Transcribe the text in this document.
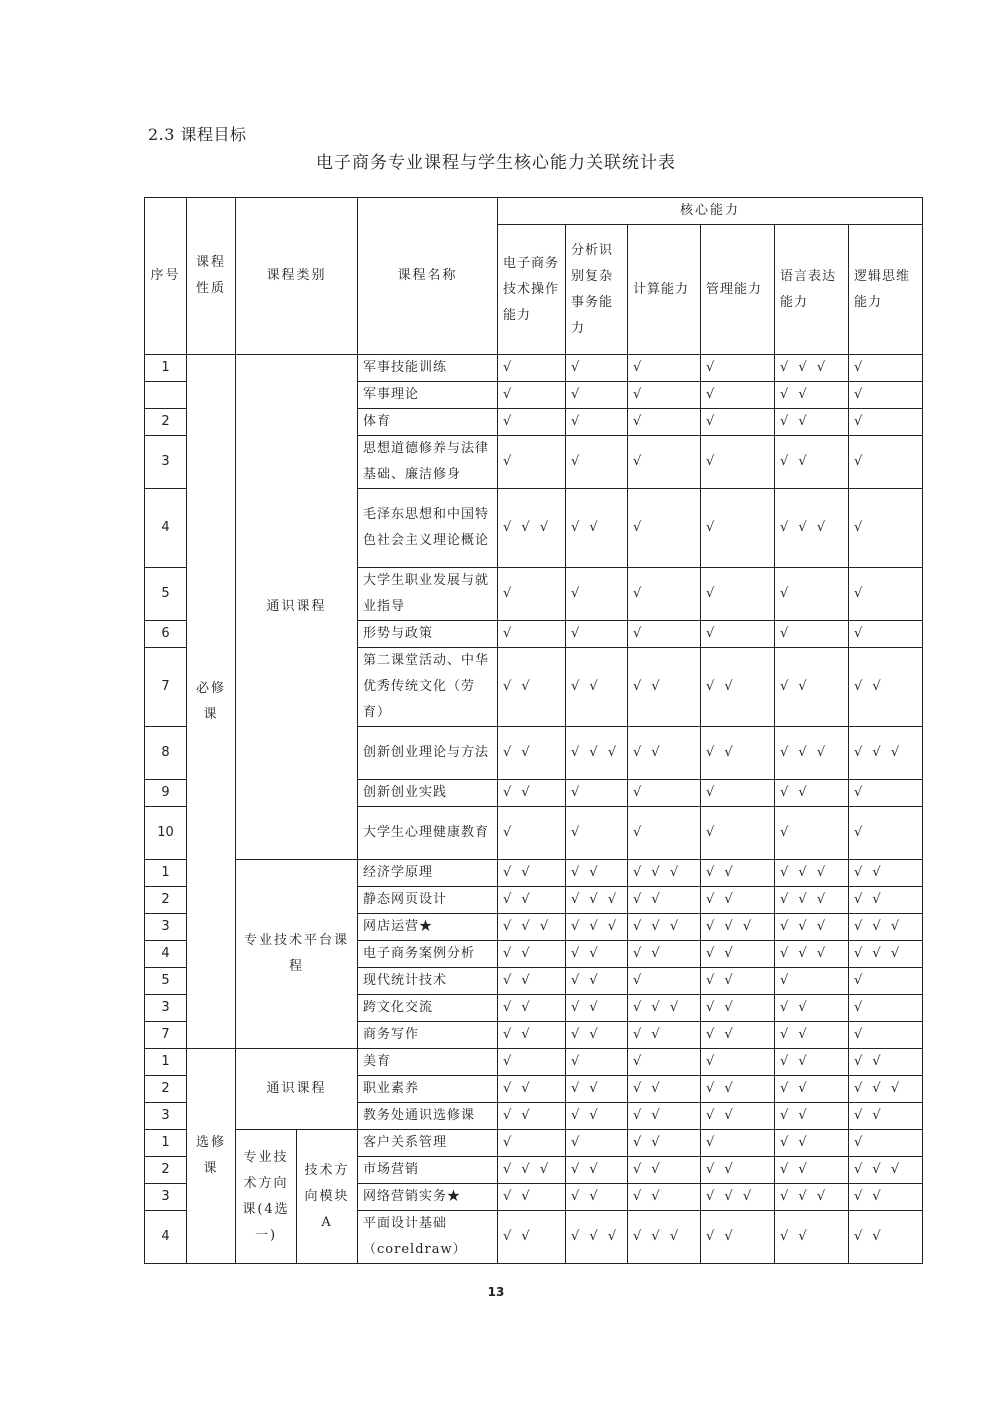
2.3 课程目标
电子商务专业课程与学生核心能力关联统计表
序号	课程性质	课程类别		课程名称	核心能力					
					电子商务技术操作能力	分析识别复杂事务能力	计算能力	管理能力	语言表达能力	逻辑思维能力
1	必修课	通识课程		军事技能训练	√	√	√	√	√ √ √	√
				军事理论	√	√	√	√	√ √	√
2				体育	√	√	√	√	√ √	√
3				思想道德修养与法律基础、廉洁修身	√	√	√	√	√ √	√
4				毛泽东思想和中国特色社会主义理论概论	√ √ √	√ √	√	√	√ √ √	√
5				大学生职业发展与就业指导	√	√	√	√	√	√
6				形势与政策	√	√	√	√	√	√
7				第二课堂活动、中华优秀传统文化（劳育）	√ √	√ √	√ √	√ √	√ √	√ √
8				创新创业理论与方法	√ √	√ √ √	√ √	√ √	√ √ √	√ √ √
9				创新创业实践	√ √	√	√	√	√ √	√
10				大学生心理健康教育	√	√	√	√	√	√
1		专业技术平台课程		经济学原理	√ √	√ √	√ √ √	√ √	√ √ √	√ √
2				静态网页设计	√ √	√ √ √	√ √	√ √	√ √ √	√ √
3				网店运营★	√ √ √	√ √ √	√ √ √	√ √ √	√ √ √	√ √ √
4				电子商务案例分析	√ √	√ √	√ √	√ √	√ √ √	√ √ √
5				现代统计技术	√ √	√ √	√	√ √	√	√
3				跨文化交流	√ √	√ √	√ √ √	√ √	√ √	√
7				商务写作	√ √	√ √	√ √	√ √	√ √	√
1	选修课	通识课程		美育	√	√	√	√	√ √	√ √
2				职业素养	√ √	√ √	√ √	√ √	√ √	√ √ √
3				教务处通识选修课	√ √	√ √	√ √	√ √	√ √	√ √
1		专业技术方向课(4选一)	技术方向模块A	客户关系管理	√	√	√ √	√	√ √	√
2				市场营销	√ √ √	√ √	√ √	√ √	√ √	√ √ √
3				网络营销实务★	√ √	√ √	√ √	√ √ √	√ √ √	√ √
4				平面设计基础（coreldraw）	√ √	√ √ √	√ √ √	√ √	√ √	√ √
13
